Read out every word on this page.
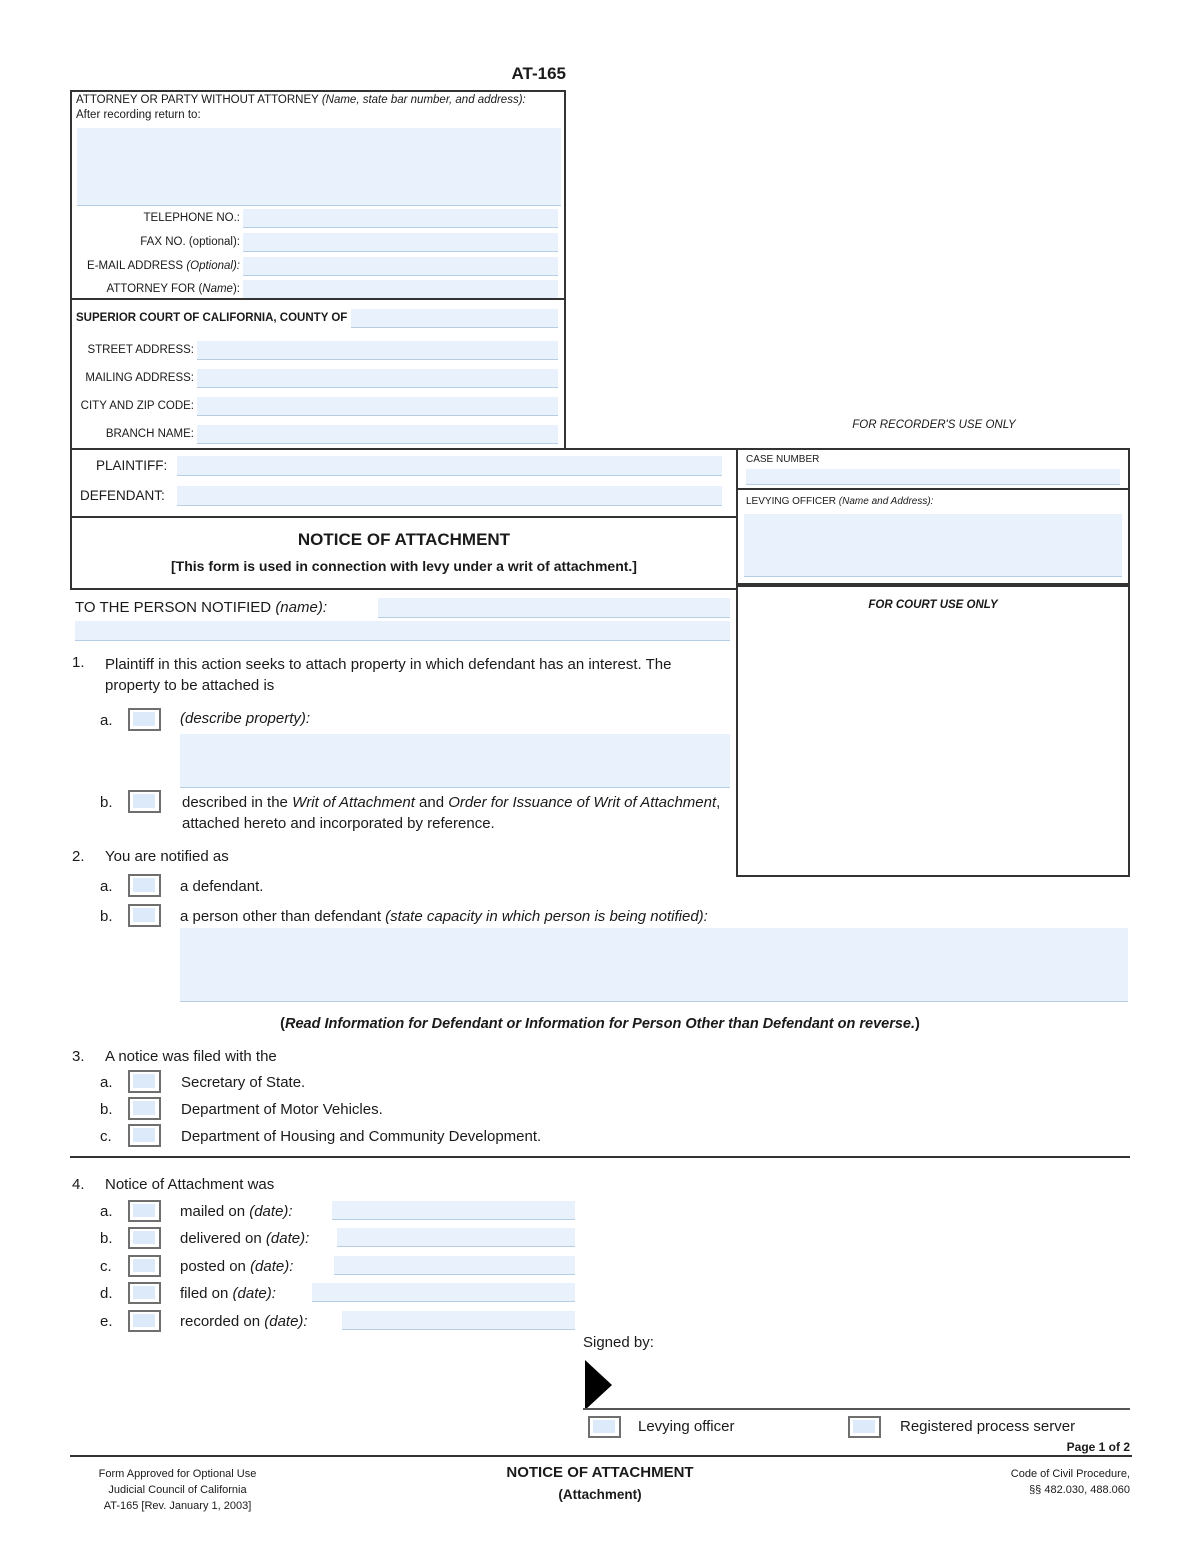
AT-165
ATTORNEY OR PARTY WITHOUT ATTORNEY (Name, state bar number, and address):
After recording return to:
TELEPHONE NO.:
FAX NO. (optional):
E-MAIL ADDRESS (Optional):
ATTORNEY FOR (Name):
SUPERIOR COURT OF CALIFORNIA, COUNTY OF
STREET ADDRESS:
MAILING ADDRESS:
CITY AND ZIP CODE:
BRANCH NAME:
FOR RECORDER'S USE ONLY
PLAINTIFF:
DEFENDANT:
CASE NUMBER
LEVYING OFFICER (Name and Address):
NOTICE OF ATTACHMENT
[This form is used in connection with levy under a writ of attachment.]
FOR COURT USE ONLY
TO THE PERSON NOTIFIED (name):
1. Plaintiff in this action seeks to attach property in which defendant has an interest. The property to be attached is
a.	(describe property):
b.	described in the Writ of Attachment and Order for Issuance of Writ of Attachment, attached hereto and incorporated by reference.
2. You are notified as
a.	a defendant.
b.	a person other than defendant (state capacity in which person is being notified):
(Read Information for Defendant or Information for Person Other than Defendant on reverse.)
3. A notice was filed with the
a.	Secretary of State.
b.	Department of Motor Vehicles.
c.	Department of Housing and Community Development.
4. Notice of Attachment was
a.	mailed on (date):
b.	delivered on (date):
c.	posted on (date):
d.	filed on (date):
e.	recorded on (date):
Signed by:
Levying officer	Registered process server
Page 1 of 2
Form Approved for Optional Use
Judicial Council of California
AT-165 [Rev. January 1, 2003]
NOTICE OF ATTACHMENT
(Attachment)
Code of Civil Procedure,
§§ 482.030, 488.060
